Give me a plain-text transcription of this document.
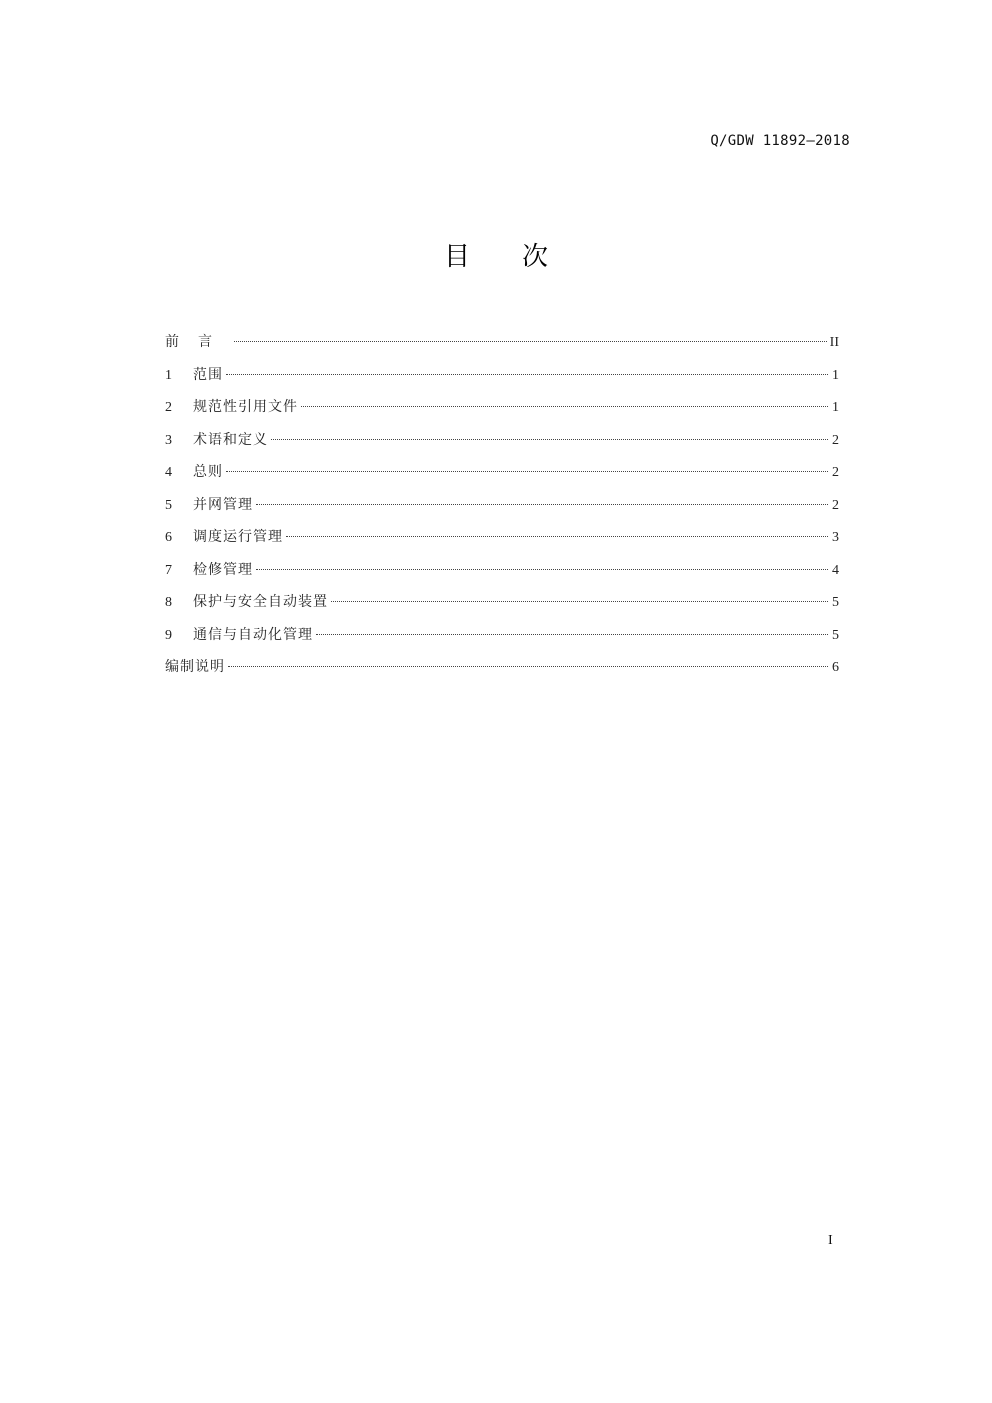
Q/GDW 11892—2018
目 次
前言	II
1	范围	1
2	规范性引用文件	1
3	术语和定义	2
4	总则	2
5	并网管理	2
6	调度运行管理	3
7	检修管理	4
8	保护与安全自动装置	5
9	通信与自动化管理	5
编制说明	6
I
